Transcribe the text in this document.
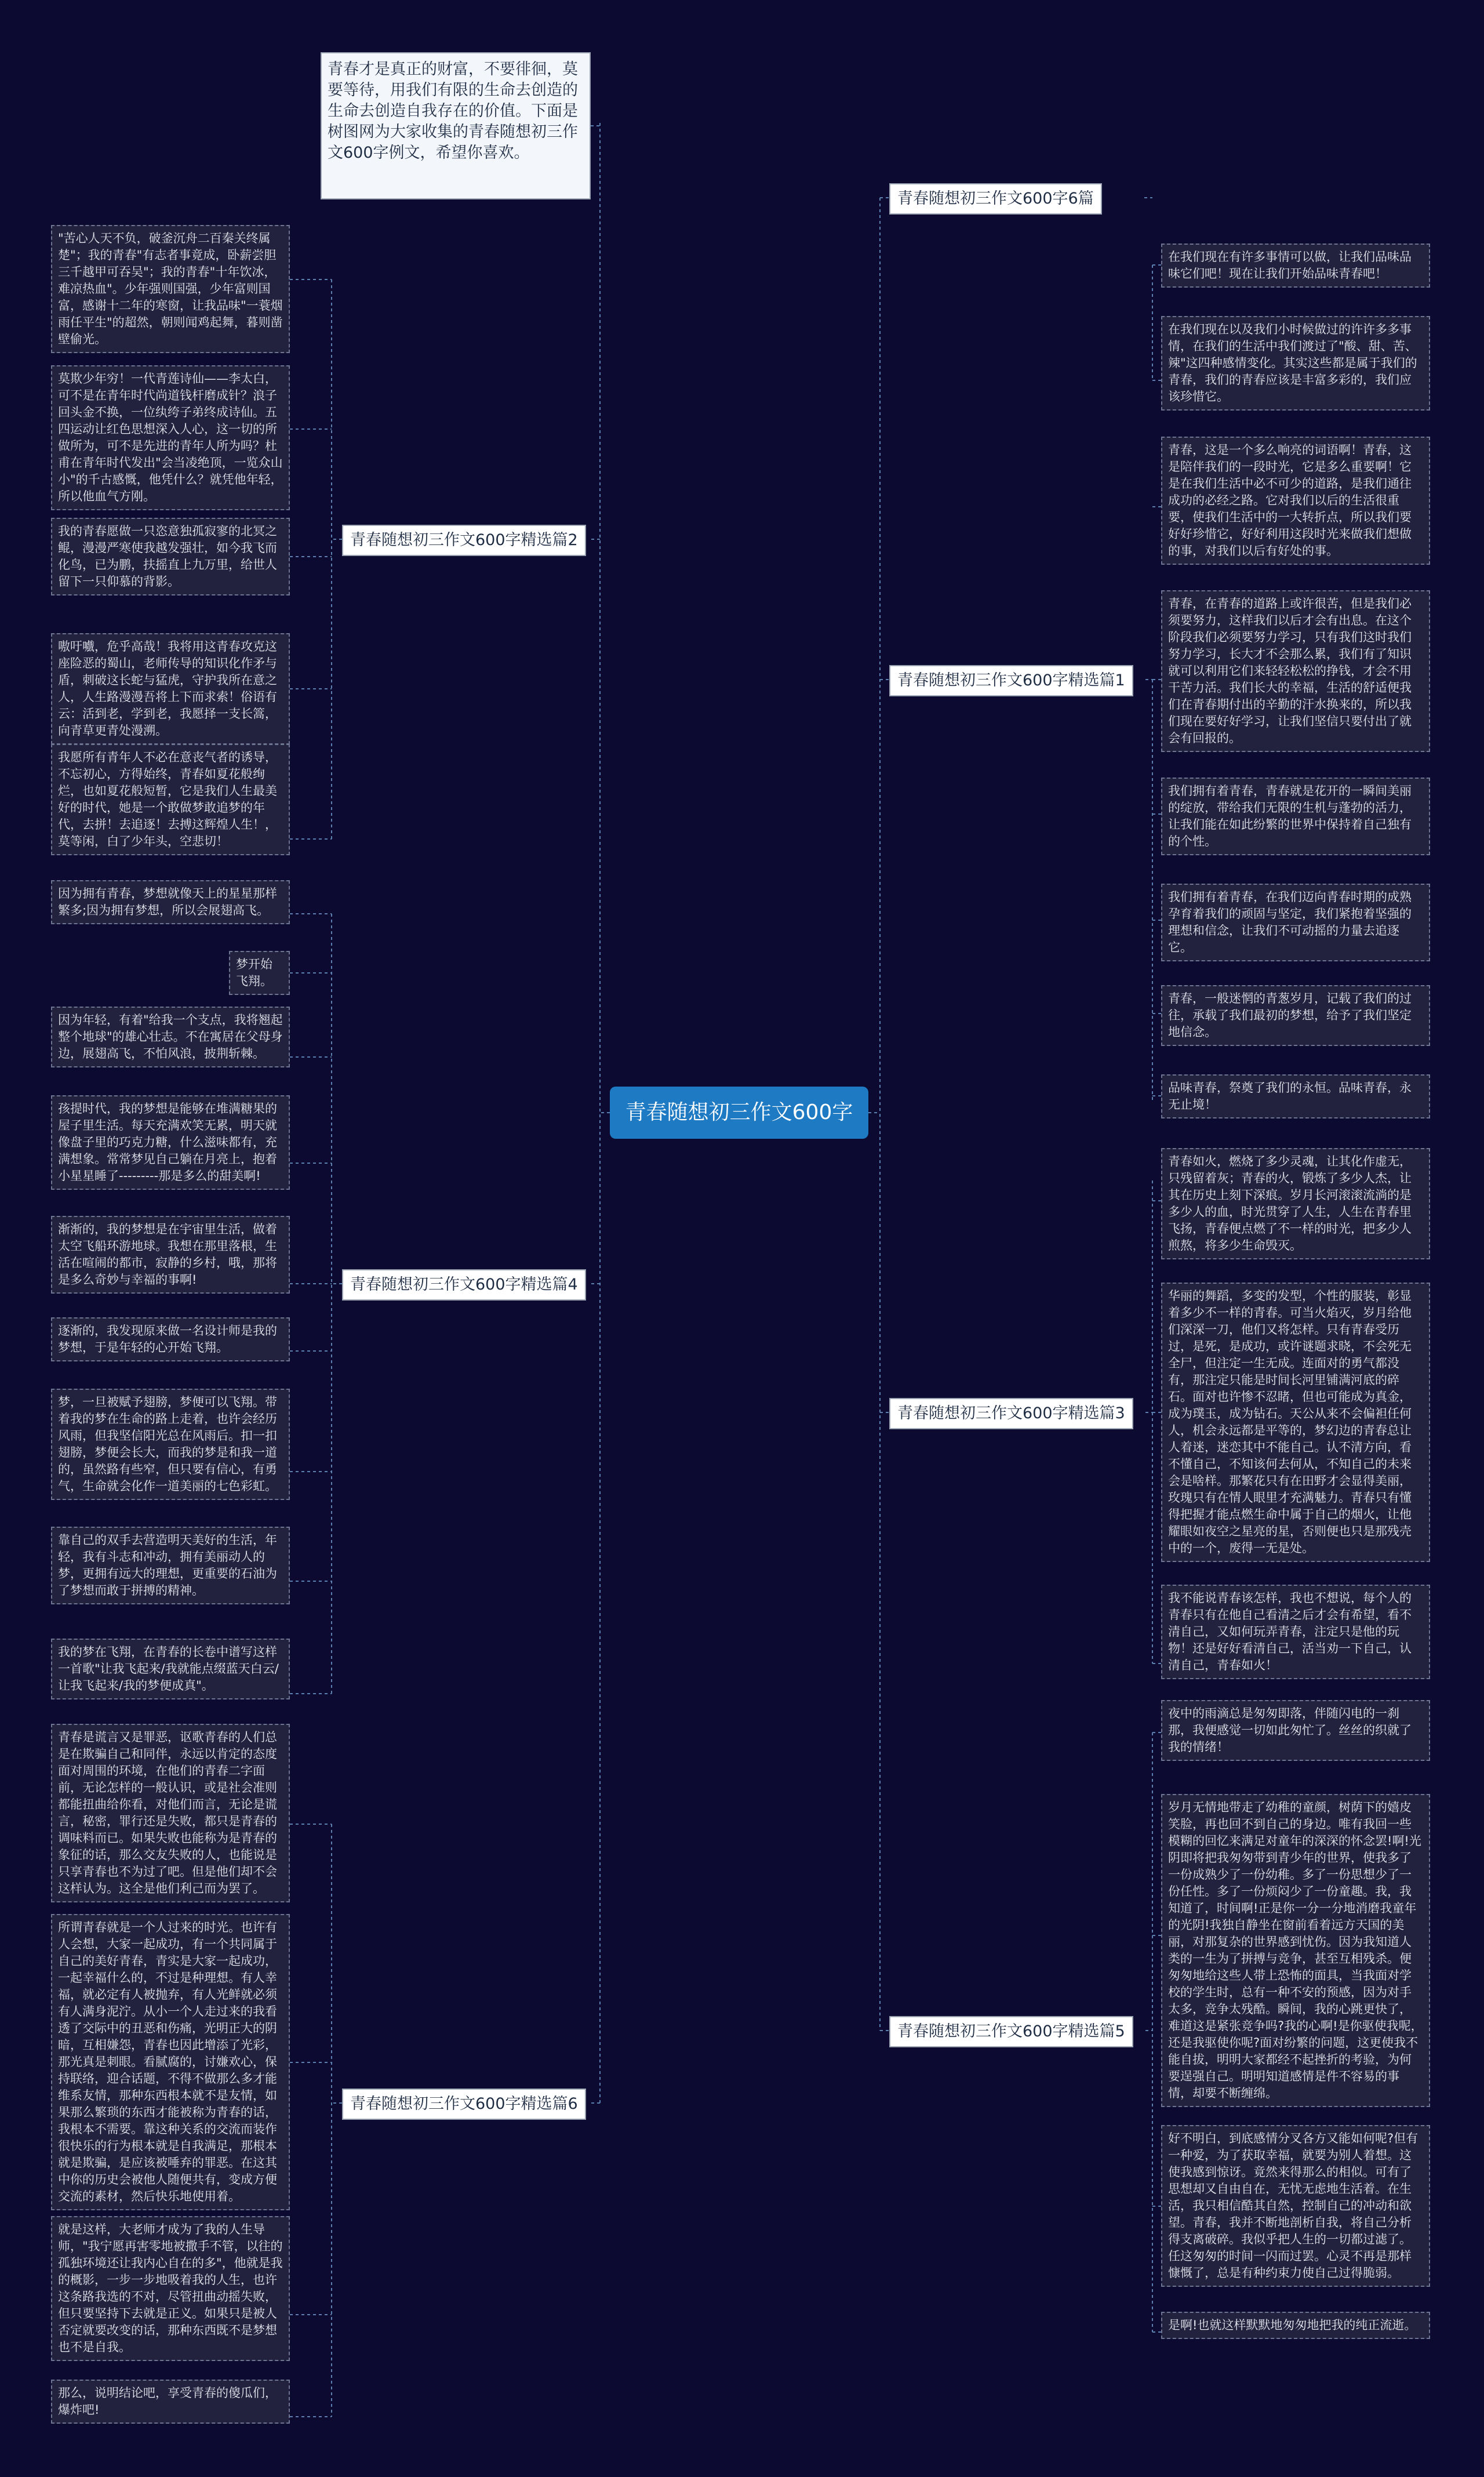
青春随想初三作文600字
青春才是真正的财富，不要徘徊，莫要等待，用我们有限的生命去创造的生命去创造自我存在的价值。下面是树图网为大家收集的青春随想初三作文600字例文，希望你喜欢。
青春随想初三作文600字6篇
青春随想初三作文600字精选篇1
青春随想初三作文600字精选篇3
青春随想初三作文600字精选篇5
青春随想初三作文600字精选篇2
青春随想初三作文600字精选篇4
青春随想初三作文600字精选篇6
在我们现在有许多事情可以做，让我们品味品味它们吧！现在让我们开始品味青春吧！
在我们现在以及我们小时候做过的许许多多事情，在我们的生活中我们渡过了"酸、甜、苦、辣"这四种感情变化。其实这些都是属于我们的青春，我们的青春应该是丰富多彩的，我们应该珍惜它。
青春，这是一个多么响亮的词语啊！青春，这是陪伴我们的一段时光，它是多么重要啊！它是在我们生活中必不可少的道路，是我们通往成功的必经之路。它对我们以后的生活很重要，使我们生活中的一大转折点，所以我们要好好珍惜它，好好利用这段时光来做我们想做的事，对我们以后有好处的事。
青春，在青春的道路上或许很苦，但是我们必须要努力，这样我们以后才会有出息。在这个阶段我们必须要努力学习，只有我们这时我们努力学习，长大才不会那么累，我们有了知识就可以利用它们来轻轻松松的挣钱，才会不用干苦力活。我们长大的幸福，生活的舒适便我们在青春期付出的辛勤的汗水换来的，所以我们现在要好好学习，让我们坚信只要付出了就会有回报的。
我们拥有着青春，青春就是花开的一瞬间美丽的绽放，带给我们无限的生机与蓬勃的活力，让我们能在如此纷繁的世界中保持着自己独有的个性。
我们拥有着青春，在我们迈向青春时期的成熟孕育着我们的顽固与坚定，我们紧抱着坚强的理想和信念，让我们不可动摇的力量去追逐它。
青春，一般迷惘的青葱岁月，记载了我们的过往，承载了我们最初的梦想，给予了我们坚定地信念。
品味青春，祭奠了我们的永恒。品味青春，永无止境！
青春如火，燃烧了多少灵魂，让其化作虚无，只残留着灰；青春的火，锻炼了多少人杰，让其在历史上刻下深痕。岁月长河滚滚流淌的是多少人的血，时光贯穿了人生，人生在青春里飞扬，青春便点燃了不一样的时光，把多少人煎熬，将多少生命毁灭。
华丽的舞蹈，多变的发型，个性的服装，彰显着多少不一样的青春。可当火焰灭，岁月给他们深深一刀，他们又将怎样。只有青春受历过，是死，是成功，或许谜题求晓，不会死无全尸，但注定一生无成。连面对的勇气都没有，那注定只能是时间长河里铺满河底的碎石。面对也许惨不忍睹，但也可能成为真金，成为璞玉，成为钻石。天公从来不会偏袒任何人，机会永远都是平等的，梦幻边的青春总让人着迷，迷恋其中不能自己。认不清方向，看不懂自己，不知该何去何从，不知自己的未来会是啥样。那繁花只有在田野才会显得美丽，玫瑰只有在情人眼里才充满魅力。青春只有懂得把握才能点燃生命中属于自己的烟火，让他耀眼如夜空之星亮的星，否则便也只是那残壳中的一个，废得一无是处。
我不能说青春该怎样，我也不想说，每个人的青春只有在他自己看清之后才会有希望，看不清自己，又如何玩弄青春，注定只是他的玩物！还是好好看清自己，活当劝一下自己，认清自己，青春如火！
夜中的雨滴总是匆匆即落，伴随闪电的一刹那，我便感觉一切如此匆忙了。丝丝的织就了我的情绪！
岁月无情地带走了幼稚的童颜，树荫下的嬉皮笑脸，再也回不到自己的身边。唯有我回一些模糊的回忆来满足对童年的深深的怀念罢!啊!光阴即将把我匆匆带到青少年的世界，使我多了一份成熟少了一份幼稚。多了一份思想少了一份任性。多了一份烦闷少了一份童趣。我，我知道了，时间啊!正是你一分一分地消磨我童年的光阴!我独自静坐在窗前看着远方天国的美丽，对那复杂的世界感到忧伤。因为我知道人类的一生为了拼搏与竞争，甚至互相残杀。便匆匆地给这些人带上恐怖的面具，当我面对学校的学生时，总有一种不安的预感，因为对手太多，竞争太残酷。瞬间，我的心跳更快了，难道这是紧张竞争吗?我的心啊!是你驱使我呢，还是我驱使你呢?面对纷繁的问题，这更使我不能自拔，明明大家都经不起挫折的考验，为何要逞强自己。明明知道感情是件不容易的事情，却要不断缠绵。
好不明白，到底感情分叉各方又能如何呢?但有一种爱，为了获取幸福，就要为别人着想。这使我感到惊讶。竟然来得那么的相似。可有了思想却又自由自在，无忧无虑地生活着。在生活，我只相信酷其自然，控制自己的冲动和欲望。青春，我并不断地剖析自我，将自己分析得支离破碎。我似乎把人生的一切都过滤了。任这匆匆的时间一闪而过罢。心灵不再是那样慷慨了，总是有种约束力使自己过得脆弱。
是啊!也就这样默默地匆匆地把我的纯正流逝。
"苦心人天不负，破釜沉舟二百秦关终属楚"；我的青春"有志者事竟成，卧薪尝胆三千越甲可吞吴"；我的青春"十年饮冰，难凉热血"。少年强则国强，少年富则国富，感谢十二年的寒窗，让我品味"一蓑烟雨任平生"的超然，朝则闻鸡起舞，暮则凿壁偷光。
莫欺少年穷！一代青莲诗仙——李太白，可不是在青年时代尚道钱杆磨成针？浪子回头金不换，一位纨绔子弟终成诗仙。五四运动让红色思想深入人心，这一切的所做所为，可不是先进的青年人所为吗？杜甫在青年时代发出"会当凌绝顶，一览众山小"的千古感慨，他凭什么？就凭他年轻，所以他血气方刚。
我的青春愿做一只恣意独孤寂寥的北冥之鲲，漫漫严寒使我越发强壮，如今我飞而化鸟，已为鹏，扶摇直上九万里，给世人留下一只仰慕的背影。
嗷吁嚱，危乎高哉！我将用这青春攻克这座险恶的蜀山，老师传导的知识化作矛与盾，刺破这长蛇与猛虎，守护我所在意之人，人生路漫漫吾将上下而求索！俗语有云：活到老，学到老，我愿择一支长篙，向青草更青处漫溯。
我愿所有青年人不必在意丧气者的诱导，不忘初心，方得始终，青春如夏花般绚烂，也如夏花般短暂，它是我们人生最美好的时代，她是一个敢做梦敢追梦的年代，去拼！去追逐！去搏这辉煌人生！，莫等闲，白了少年头，空悲切！
因为拥有青春，梦想就像天上的星星那样繁多;因为拥有梦想，所以会展翅高飞。
梦开始飞翔。
因为年轻，有着"给我一个支点，我将翘起整个地球"的雄心壮志。不在寓居在父母身边，展翅高飞，不怕风浪，披荆斩棘。
孩提时代，我的梦想是能够在堆满糖果的屋子里生活。每天充满欢笑无累，明天就像盘子里的巧克力糖，什么滋味都有，充满想象。常常梦见自己躺在月亮上，抱着小星星睡了---------那是多么的甜美啊!
渐渐的，我的梦想是在宇宙里生活，做着太空飞船环游地球。我想在那里落根，生活在喧闹的都市，寂静的乡村，哦，那将是多么奇妙与幸福的事啊!
逐渐的，我发现原来做一名设计师是我的梦想，于是年轻的心开始飞翔。
梦，一旦被赋予翅膀，梦便可以飞翔。带着我的梦在生命的路上走着，也许会经历风雨，但我坚信阳光总在风雨后。扣一扣翅膀，梦便会长大，而我的梦是和我一道的，虽然路有些窄，但只要有信心，有勇气，生命就会化作一道美丽的七色彩虹。
靠自己的双手去营造明天美好的生活，年轻，我有斗志和冲动，拥有美丽动人的梦，更拥有远大的理想，更重要的石油为了梦想而敢于拼搏的精神。
我的梦在飞翔，在青春的长卷中谱写这样一首歌"让我飞起来/我就能点缀蓝天白云/让我飞起来/我的梦便成真"。
青春是谎言又是罪恶，讴歌青春的人们总是在欺骗自己和同伴，永远以肯定的态度面对周围的环境，在他们的青春二字面前，无论怎样的一般认识，或是社会准则都能扭曲给你看，对他们而言，无论是谎言，秘密，罪行还是失败，都只是青春的调味料而已。如果失败也能称为是青春的象征的话，那么交友失败的人，也能说是只享青春也不为过了吧。但是他们却不会这样认为。这全是他们利己而为罢了。
所谓青春就是一个人过来的时光。也许有人会想，大家一起成功，有一个共同属于自己的美好青春，青实是大家一起成功，一起幸福什么的，不过是种理想。有人幸福，就必定有人被抛弃，有人光鲜就必须有人满身泥泞。从小一个人走过来的我看透了交际中的丑恶和伤痛，光明正大的阴暗，互相嫌怨，青春也因此增添了光彩，那光真是刺眼。看腻腐的，讨嫌欢心，保持联络，迎合话题，不得不做那么多才能维系友情，那种东西根本就不是友情，如果那么繁琐的东西才能被称为青春的话，我根本不需要。靠这种关系的交流而装作很快乐的行为根本就是自我满足，那根本就是欺骗，是应该被唾弃的罪恶。在这其中你的历史会被他人随便共有，变成方便交流的素材，然后快乐地使用着。
就是这样，大老师才成为了我的人生导师，"我宁愿再害零地被撒手不管，以往的孤独环境还让我内心自在的多"，他就是我的概影，一步一步地吸着我的人生，也许这条路我选的不对，尽管扭曲动摇失败，但只要坚持下去就是正义。如果只是被人否定就要改变的话，那种东西既不是梦想也不是自我。
那么，说明结论吧，享受青春的傻瓜们，爆炸吧!
